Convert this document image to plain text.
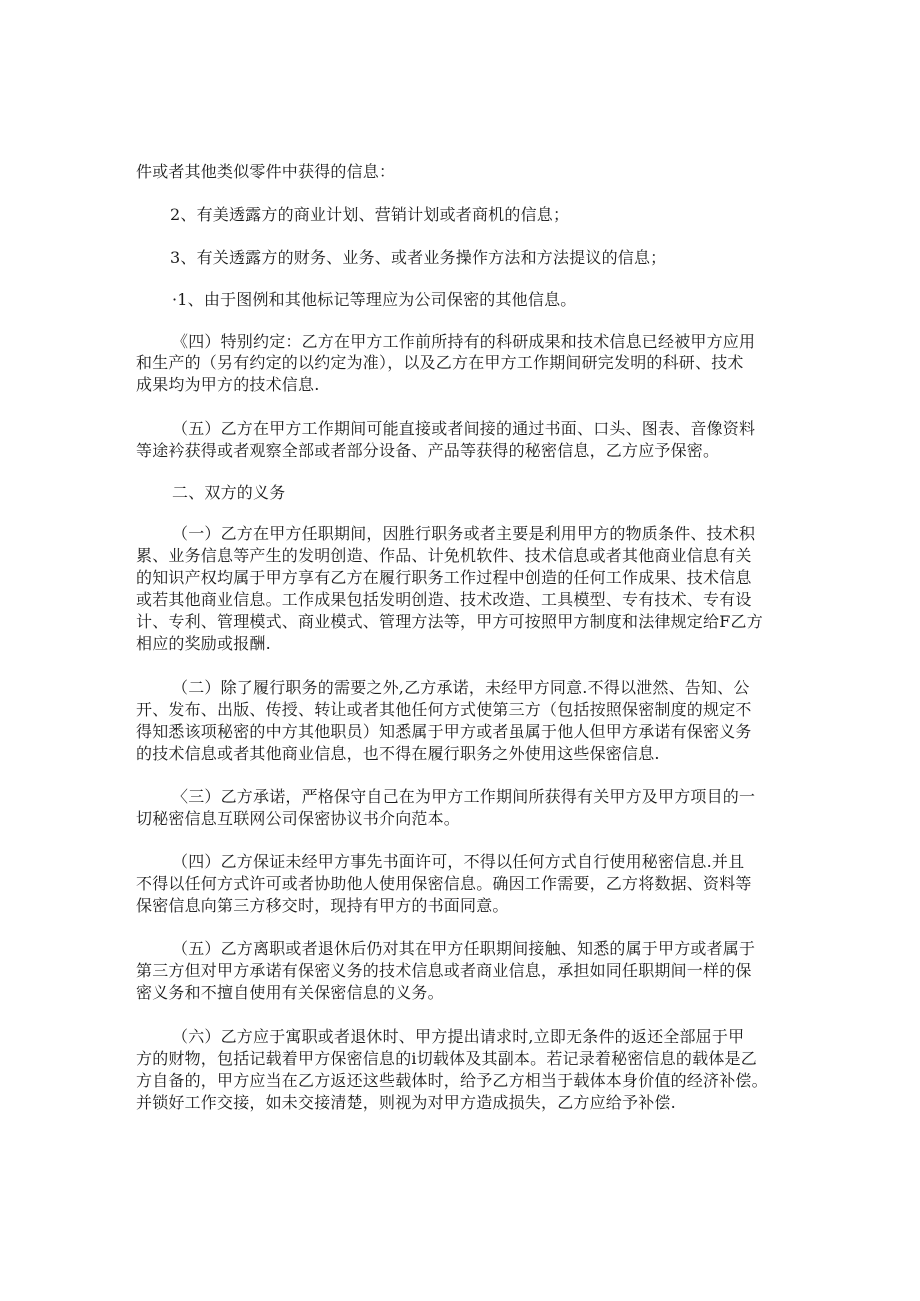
件或者其他类似零件中获得的信息：
2、有美透露方的商业计划、营销计划或者商机的信息；
3、有关透露方的财务、业务、或者业务操作方法和方法提议的信息；
·1、由于图例和其他标记等理应为公司保密的其他信息。
《四）特别约定：乙方在甲方工作前所持有的科研成果和技术信息已经被甲方应用
和生产的（另有约定的以约定为准），以及乙方在甲方工作期间研完发明的科研、技术
成果均为甲方的技术信息.
（五）乙方在甲方工作期间可能直接或者间接的通过书面、口头、图表、音像资料
等途衿获得或者观察全部或者部分设备、产品等获得的秘密信息，乙方应予保密。
二、双方的义务
（一）乙方在甲方任职期间，因胜行职务或者主要是利用甲方的物质条件、技术积
累、业务信息等产生的发明创造、作品、计免机软件、技术信息或者其他商业信息有关
的知识产权均属于甲方享有乙方在履行职务工作过程中创造的任何工作成果、技术信息
或若其他商业信息。工作成果包括发明创造、技术改造、工具模型、专有技术、专有设
计、专利、管理模式、商业模式、管理方法等，甲方可按照甲方制度和法律规定给F乙方
相应的奖励或报酬.
（二）除了履行职务的需要之外,乙方承诺，未经甲方同意.不得以泄然、告知、公
开、发布、出版、传授、转让或者其他任何方式使第三方（包括按照保密制度的规定不
得知悉该项秘密的中方其他职员）知悉属于甲方或者虽属于他人但甲方承诺有保密义务
的技术信息或者其他商业信息，也不得在履行职务之外使用这些保密信息.
〈三）乙方承诺，严格保守自己在为甲方工作期间所获得有关甲方及甲方项目的一
切秘密信息互联网公司保密协议书介向范本。
（四）乙方保证未经甲方事先书面许可，不得以任何方式自行使用秘密信息.并且
不得以任何方式许可或者协助他人使用保密信息。确因工作需要，乙方将数据、资料等
保密信息向第三方移交时，现持有甲方的书面同意。
（五）乙方离职或者退休后仍对其在甲方任职期间接触、知悉的属于甲方或者属于
第三方但对甲方承诺有保密义务的技术信息或者商业信息，承担如同任职期间一样的保
密义务和不擅自使用有关保密信息的义务。
（六）乙方应于寓职或者退休时、甲方提出请求时,立即无条件的返还全部屈于甲
方的财物，包括记载着甲方保密信息的i切载体及其副本。若记录着秘密信息的载体是乙
方自备的，甲方应当在乙方返还这些载体时，给予乙方相当于载体本身价值的经济补偿。
并锁好工作交接，如未交接清楚，则视为对甲方造成损失，乙方应给予补偿.
